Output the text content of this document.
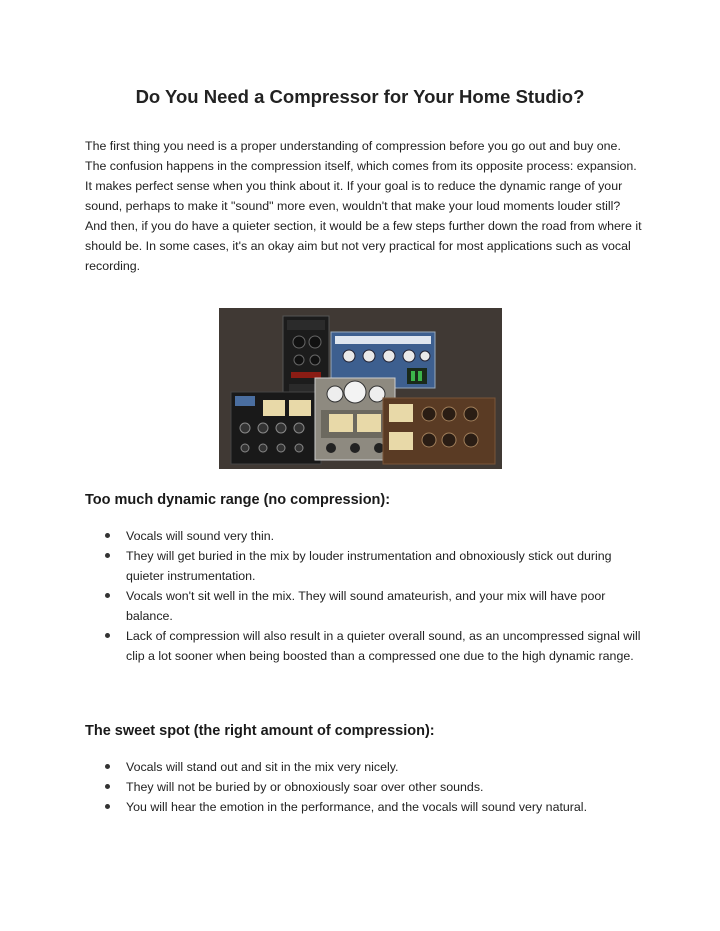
Do You Need a Compressor for Your Home Studio?

The first thing you need is a proper understanding of compression before you go out and buy one. The confusion happens in the compression itself, which comes from its opposite process: expansion. It makes perfect sense when you think about it. If your goal is to reduce the dynamic range of your sound, perhaps to make it "sound" more even, wouldn't that make your loud moments louder still? And then, if you do have a quieter section, it would be a few steps further down the road from where it should be. In some cases, it's an okay aim but not very practical for most applications such as vocal recording.

Too much dynamic range (no compression):
Vocals will sound very thin.
They will get buried in the mix by louder instrumentation and obnoxiously stick out during quieter instrumentation.
Vocals won't sit well in the mix. They will sound amateurish, and your mix will have poor balance.
Lack of compression will also result in a quieter overall sound, as an uncompressed signal will clip a lot sooner when being boosted than a compressed one due to the high dynamic range.
The sweet spot (the right amount of compression):
Vocals will stand out and sit in the mix very nicely.
They will not be buried by or obnoxiously soar over other sounds.
You will hear the emotion in the performance, and the vocals will sound very natural.
